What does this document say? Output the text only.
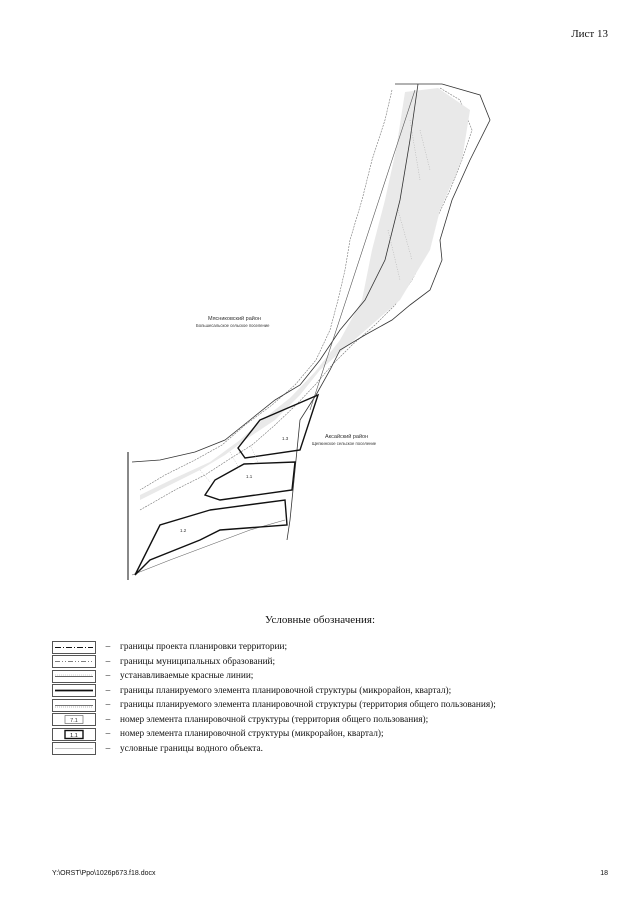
Лист 13
Мясниковский район
Большесальское сельское поселение
Аксайский район
Щепкинское сельское поселение
1.3
1.1
1.2
Условные обозначения:
–	границы проекта планировки территории;
–	границы муниципальных образований;
–	устанавливаемые красные линии;
–	границы планируемого элемента планировочной структуры (микрорайон, квартал);
–	границы планируемого элемента планировочной структуры (территория общего пользования);
7.1	–	номер элемента планировочной структуры (территория общего пользования);
1.1	–	номер элемента планировочной структуры (микрорайон, квартал);
–	условные границы водного объекта.
Y:\ORST\Ppo\1026p673.f18.docx	18
